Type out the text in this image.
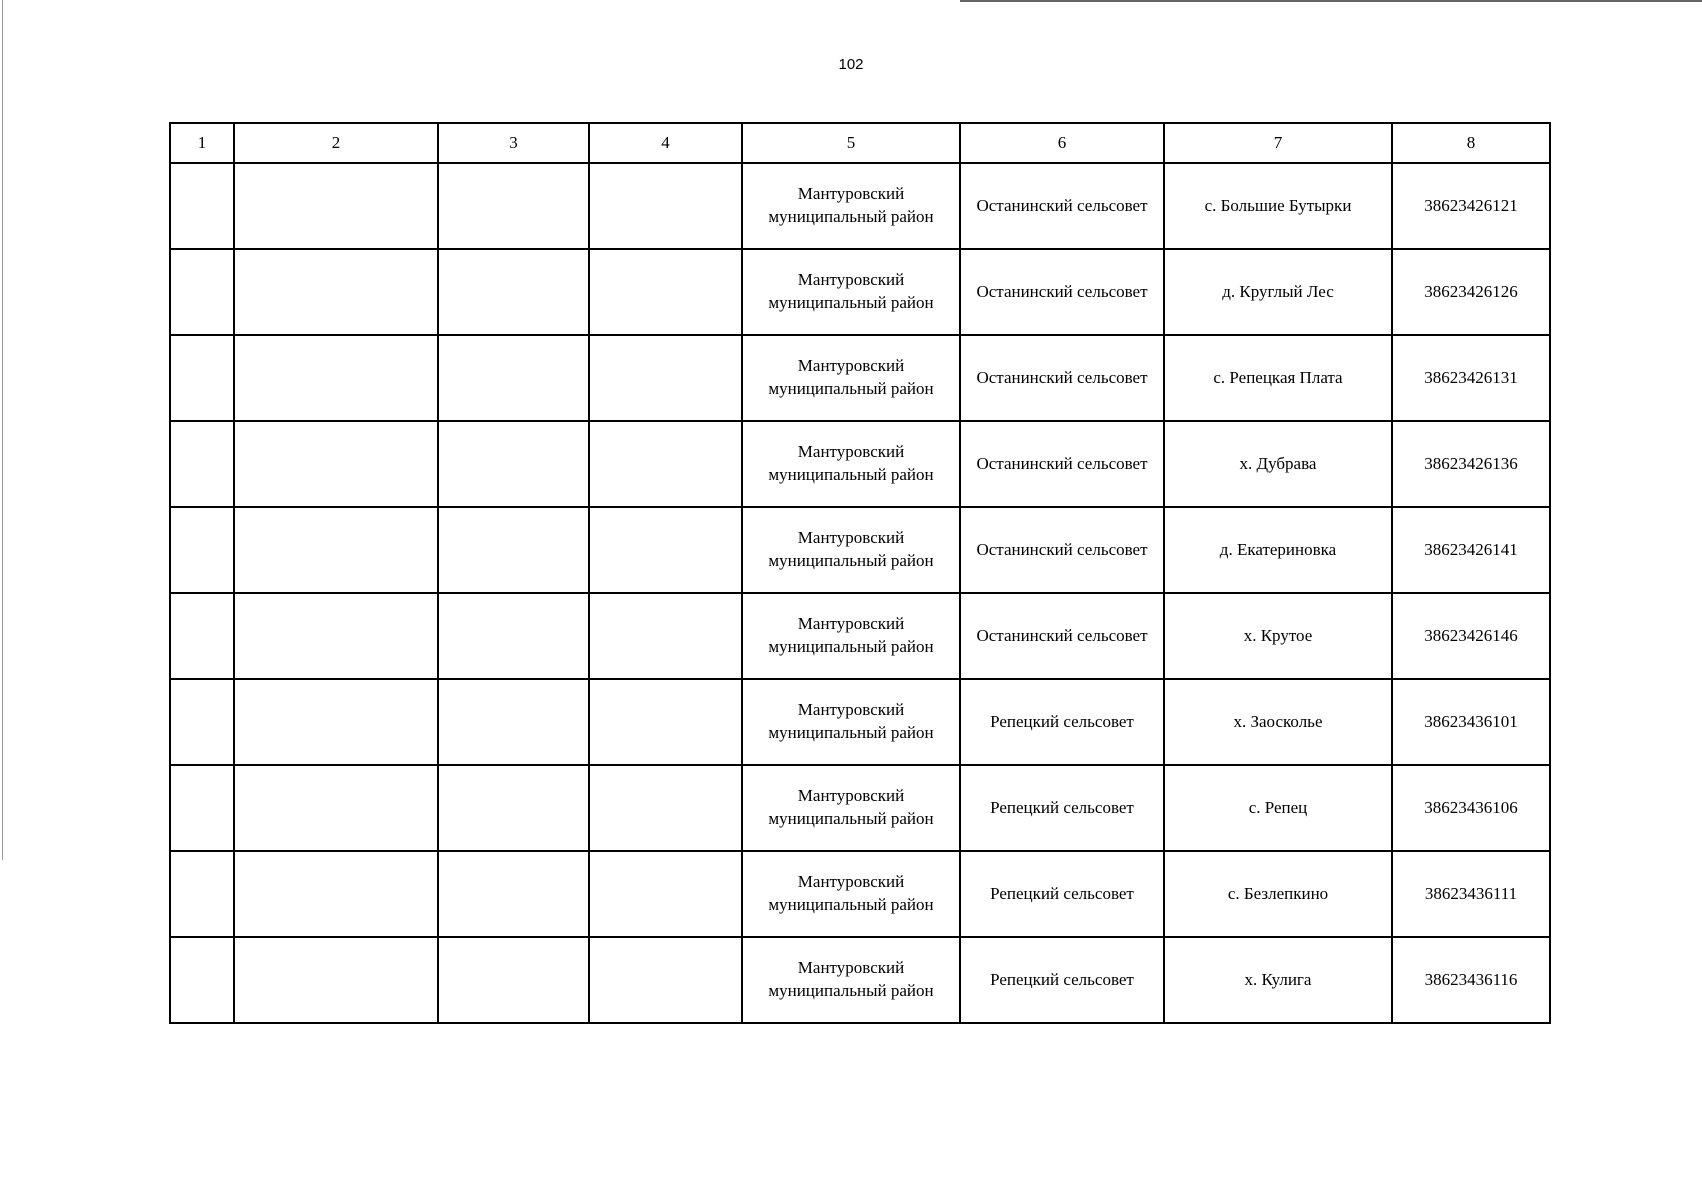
102
1	2	3	4	5	6	7	8
				Мантуровский муниципальный район	Останинский сельсовет	с. Большие Бутырки	38623426121
				Мантуровский муниципальный район	Останинский сельсовет	д. Круглый Лес	38623426126
				Мантуровский муниципальный район	Останинский сельсовет	с. Репецкая Плата	38623426131
				Мантуровский муниципальный район	Останинский сельсовет	х. Дубрава	38623426136
				Мантуровский муниципальный район	Останинский сельсовет	д. Екатериновка	38623426141
				Мантуровский муниципальный район	Останинский сельсовет	х. Крутое	38623426146
				Мантуровский муниципальный район	Репецкий сельсовет	х. Заосколье	38623436101
				Мантуровский муниципальный район	Репецкий сельсовет	с. Репец	38623436106
				Мантуровский муниципальный район	Репецкий сельсовет	с. Безлепкино	38623436111
				Мантуровский муниципальный район	Репецкий сельсовет	х. Кулига	38623436116
